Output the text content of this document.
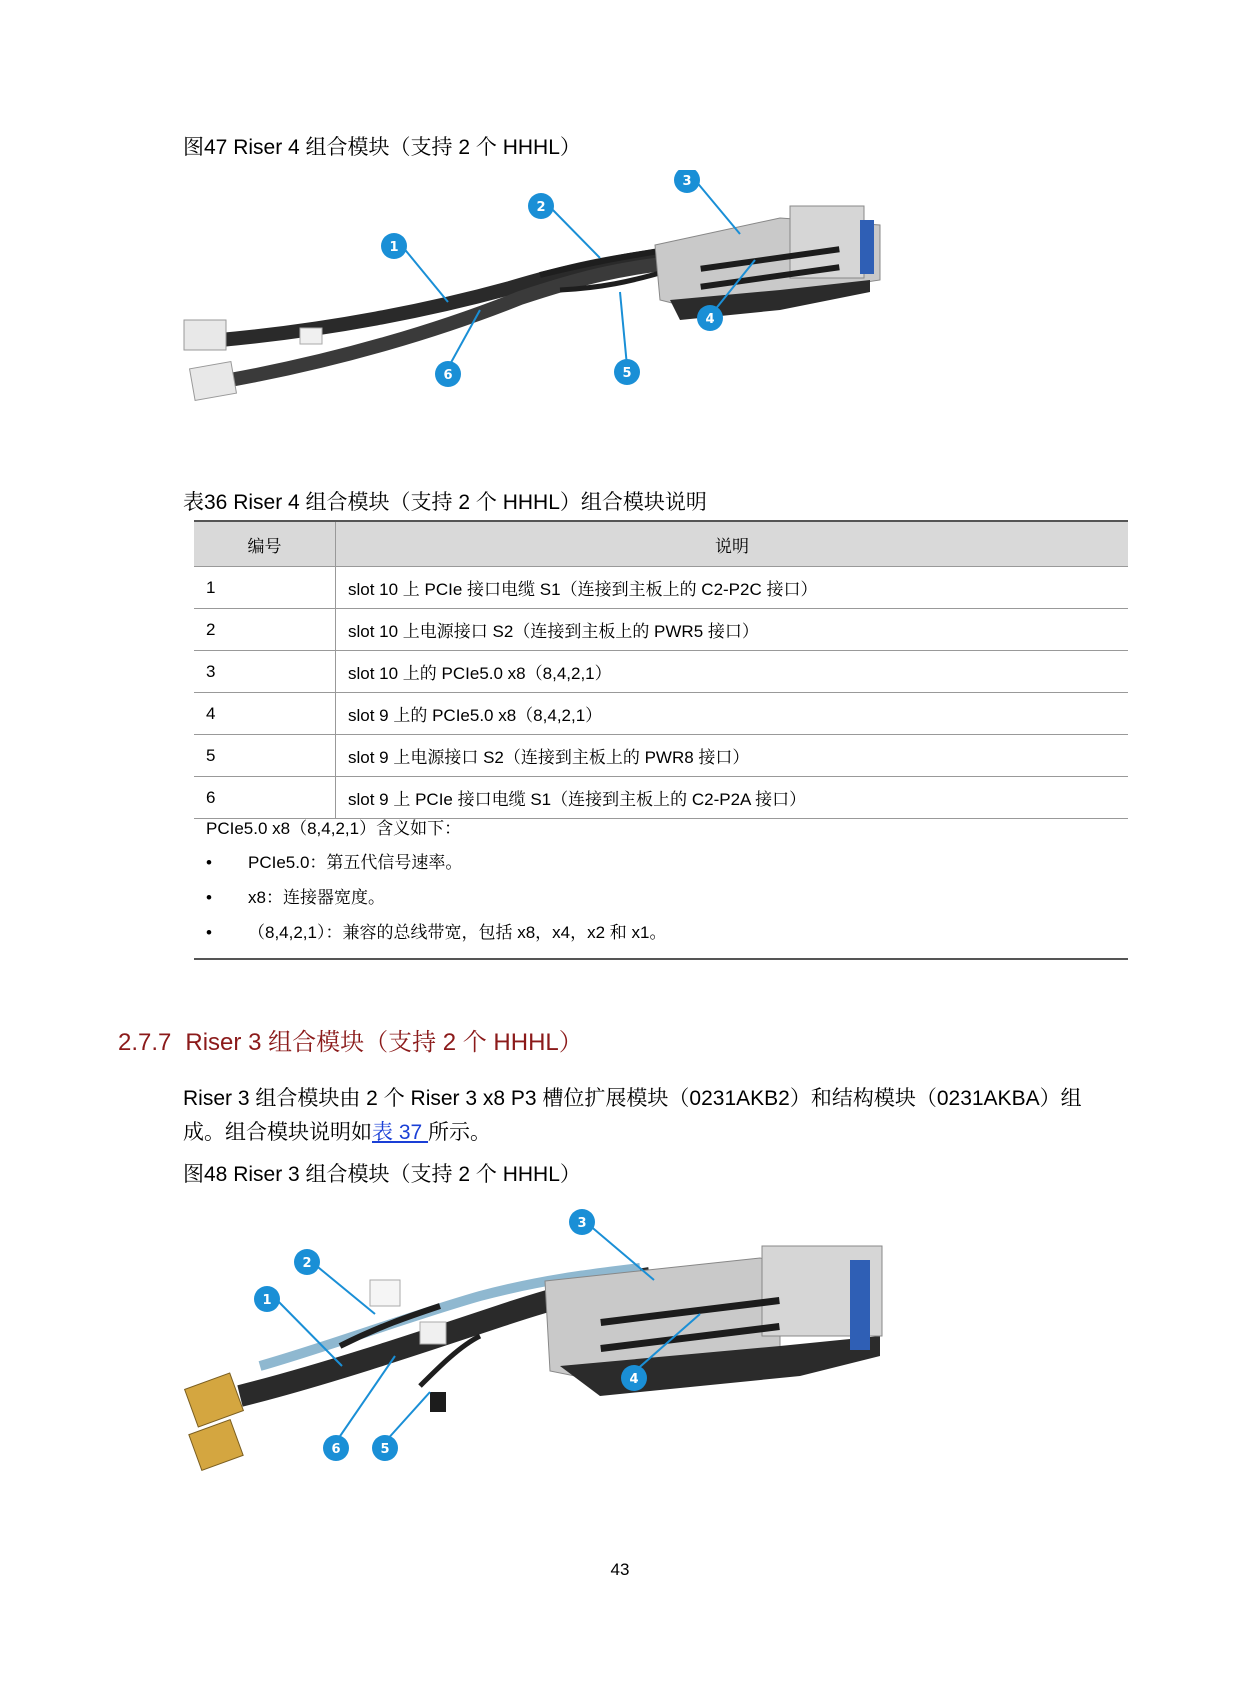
图47 Riser 4 组合模块（支持 2 个 HHHL）
1
2
3
4
5
6
表36 Riser 4 组合模块（支持 2 个 HHHL）组合模块说明
编号	说明
1	slot 10 上 PCIe 接口电缆 S1（连接到主板上的 C2-P2C 接口）
2	slot 10 上电源接口 S2（连接到主板上的 PWR5 接口）
3	slot 10 上的 PCIe5.0 x8（8,4,2,1）
4	slot 9 上的 PCIe5.0 x8（8,4,2,1）
5	slot 9 上电源接口 S2（连接到主板上的 PWR8 接口）
6	slot 9 上 PCIe 接口电缆 S1（连接到主板上的 C2-P2A 接口）
PCIe5.0 x8（8,4,2,1）含义如下：
• PCIe5.0：第五代信号速率。
• x8：连接器宽度。
• （8,4,2,1）：兼容的总线带宽，包括 x8，x4，x2 和 x1。
2.7.7 Riser 3 组合模块（支持 2 个 HHHL）
Riser 3 组合模块由 2 个 Riser 3 x8 P3 槽位扩展模块（0231AKB2）和结构模块（0231AKBA）组成。组合模块说明如表 37 所示。
图48 Riser 3 组合模块（支持 2 个 HHHL）
1
2
3
4
5
6
43
